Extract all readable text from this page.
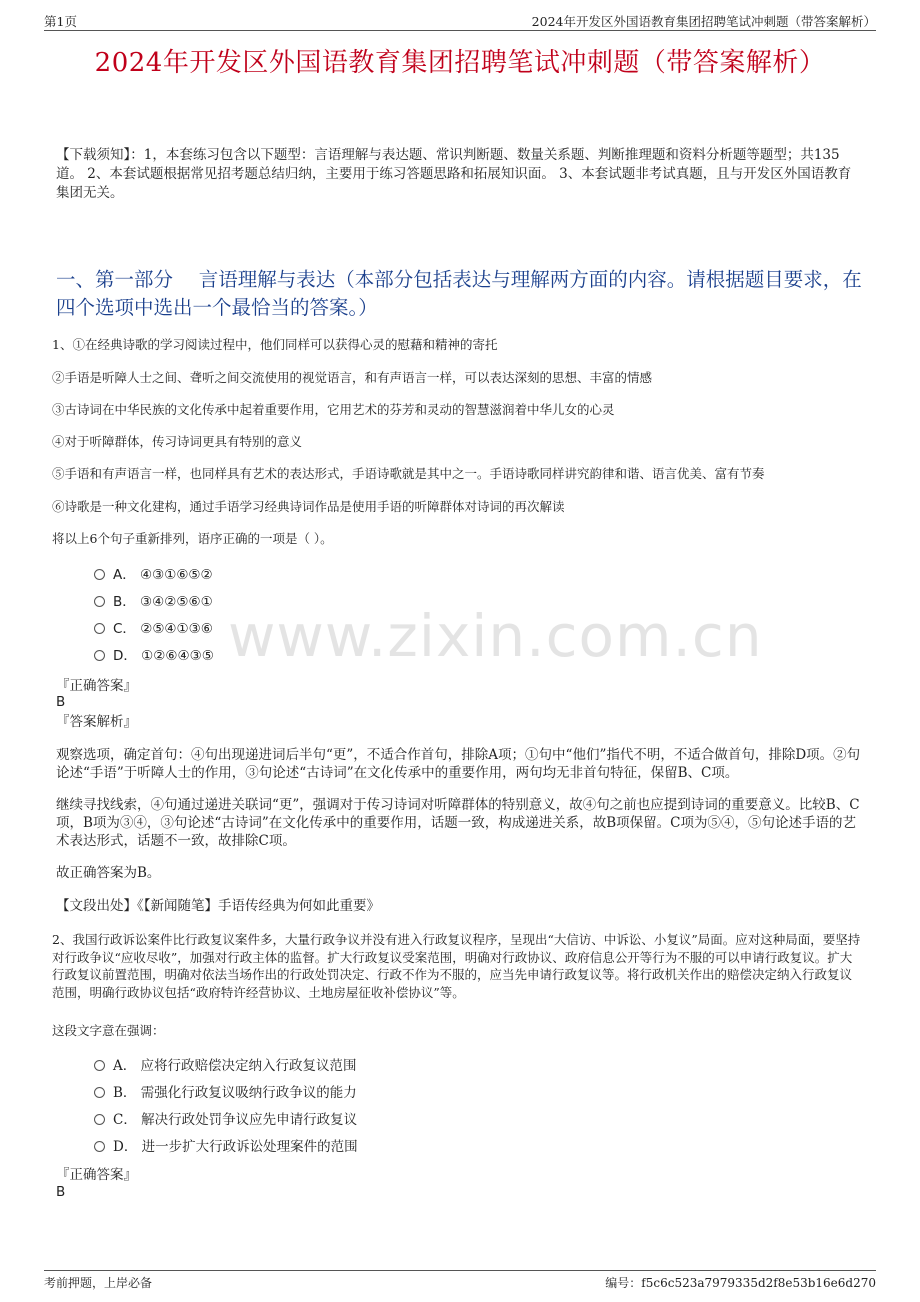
第1页	2024年开发区外国语教育集团招聘笔试冲刺题（带答案解析）
2024年开发区外国语教育集团招聘笔试冲刺题（带答案解析）
【下载须知】：1，本套练习包含以下题型：言语理解与表达题、常识判断题、数量关系题、判断推理题和资料分析题等题型；共135道。 2、本套试题根据常见招考题总结归纳，主要用于练习答题思路和拓展知识面。 3、本套试题非考试真题，且与开发区外国语教育集团无关。
一、第一部分　 言语理解与表达（本部分包括表达与理解两方面的内容。请根据题目要求，在四个选项中选出一个最恰当的答案。）
www.zixin.com.cn
1、①在经典诗歌的学习阅读过程中，他们同样可以获得心灵的慰藉和精神的寄托
②手语是听障人士之间、聋听之间交流使用的视觉语言，和有声语言一样，可以表达深刻的思想、丰富的情感
③古诗词在中华民族的文化传承中起着重要作用，它用艺术的芬芳和灵动的智慧滋润着中华儿女的心灵
④对于听障群体，传习诗词更具有特别的意义
⑤手语和有声语言一样，也同样具有艺术的表达形式，手语诗歌就是其中之一。手语诗歌同样讲究韵律和谐、语言优美、富有节奏
⑥诗歌是一种文化建构，通过手语学习经典诗词作品是使用手语的听障群体对诗词的再次解读
将以上6个句子重新排列，语序正确的一项是（ ）。
A． ④③①⑥⑤②
B． ③④②⑤⑥①
C． ②⑤④①③⑥
D． ①②⑥④③⑤
『正确答案』
B
『答案解析』
观察选项，确定首句：④句出现递进词后半句“更”，不适合作首句，排除A项；①句中“他们”指代不明，不适合做首句，排除D项。②句论述“手语”于听障人士的作用，③句论述“古诗词”在文化传承中的重要作用，两句均无非首句特征，保留B、C项。
继续寻找线索，④句通过递进关联词“更”，强调对于传习诗词对听障群体的特别意义，故④句之前也应提到诗词的重要意义。比较B、C项，B项为③④，③句论述“古诗词”在文化传承中的重要作用，话题一致，构成递进关系，故B项保留。C项为⑤④，⑤句论述手语的艺术表达形式，话题不一致，故排除C项。
故正确答案为B。
【文段出处】《【新闻随笔】手语传经典为何如此重要》
2、我国行政诉讼案件比行政复议案件多，大量行政争议并没有进入行政复议程序，呈现出“大信访、中诉讼、小复议”局面。应对这种局面，要坚持对行政争议“应收尽收”，加强对行政主体的监督。扩大行政复议受案范围，明确对行政协议、政府信息公开等行为不服的可以申请行政复议。扩大行政复议前置范围，明确对依法当场作出的行政处罚决定、行政不作为不服的，应当先申请行政复议等。将行政机关作出的赔偿决定纳入行政复议范围，明确行政协议包括“政府特许经营协议、土地房屋征收补偿协议”等。
这段文字意在强调：
A． 应将行政赔偿决定纳入行政复议范围
B． 需强化行政复议吸纳行政争议的能力
C． 解决行政处罚争议应先申请行政复议
D． 进一步扩大行政诉讼处理案件的范围
『正确答案』
B
考前押题，上岸必备	编号：f5c6c523a7979335d2f8e53b16e6d270
